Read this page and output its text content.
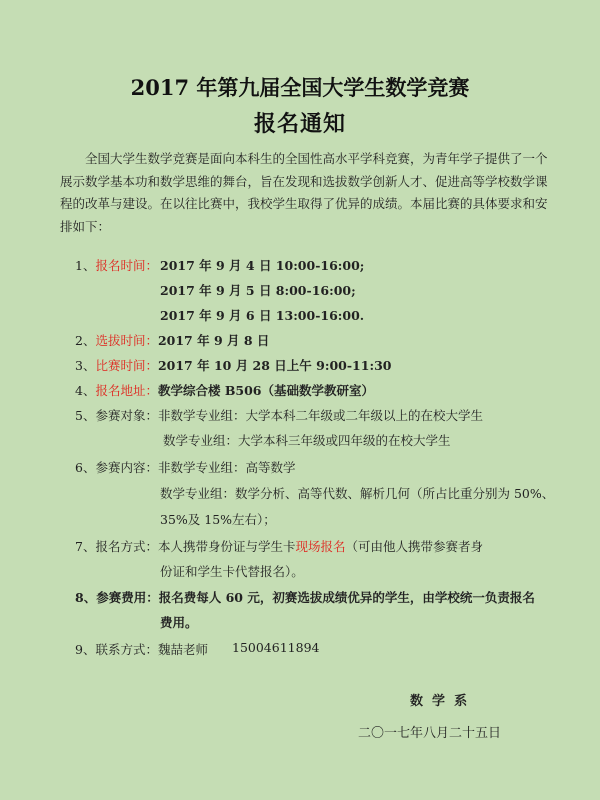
2017 年第九届全国大学生数学竞赛
报名通知

全国大学生数学竞赛是面向本科生的全国性高水平学科竞赛，为青年学子提供了一个展示数学基本功和数学思维的舞台，旨在发现和选拔数学创新人才、促进高等学校数学课程的改革与建设。在以往比赛中，我校学生取得了优异的成绩。本届比赛的具体要求和安排如下：

1、报名时间： 2017 年 9 月 4 日 10:00-16:00;
2017 年 9 月 5 日 8:00-16:00;
2017 年 9 月 6 日 13:00-16:00.
2、选拔时间：2017 年 9 月 8 日
3、比赛时间：2017 年 10 月 28 日上午 9:00-11:30
4、报名地址：教学综合楼 B506（基础数学教研室）
5、参赛对象：非数学专业组：大学本科二年级或二年级以上的在校大学生
数学专业组：大学本科三年级或四年级的在校大学生
6、参赛内容：非数学专业组：高等数学
数学专业组：数学分析、高等代数、解析几何（所占比重分别为 50%、
35%及 15%左右）；
7、报名方式：本人携带身份证与学生卡现场报名（可由他人携带参赛者身
份证和学生卡代替报名）。
8、参赛费用：报名费每人 60 元，初赛选拔成绩优异的学生，由学校统一负责报名
费用。
9、联系方式：魏喆老师 15004611894
数  学  系
二〇一七年八月二十五日
